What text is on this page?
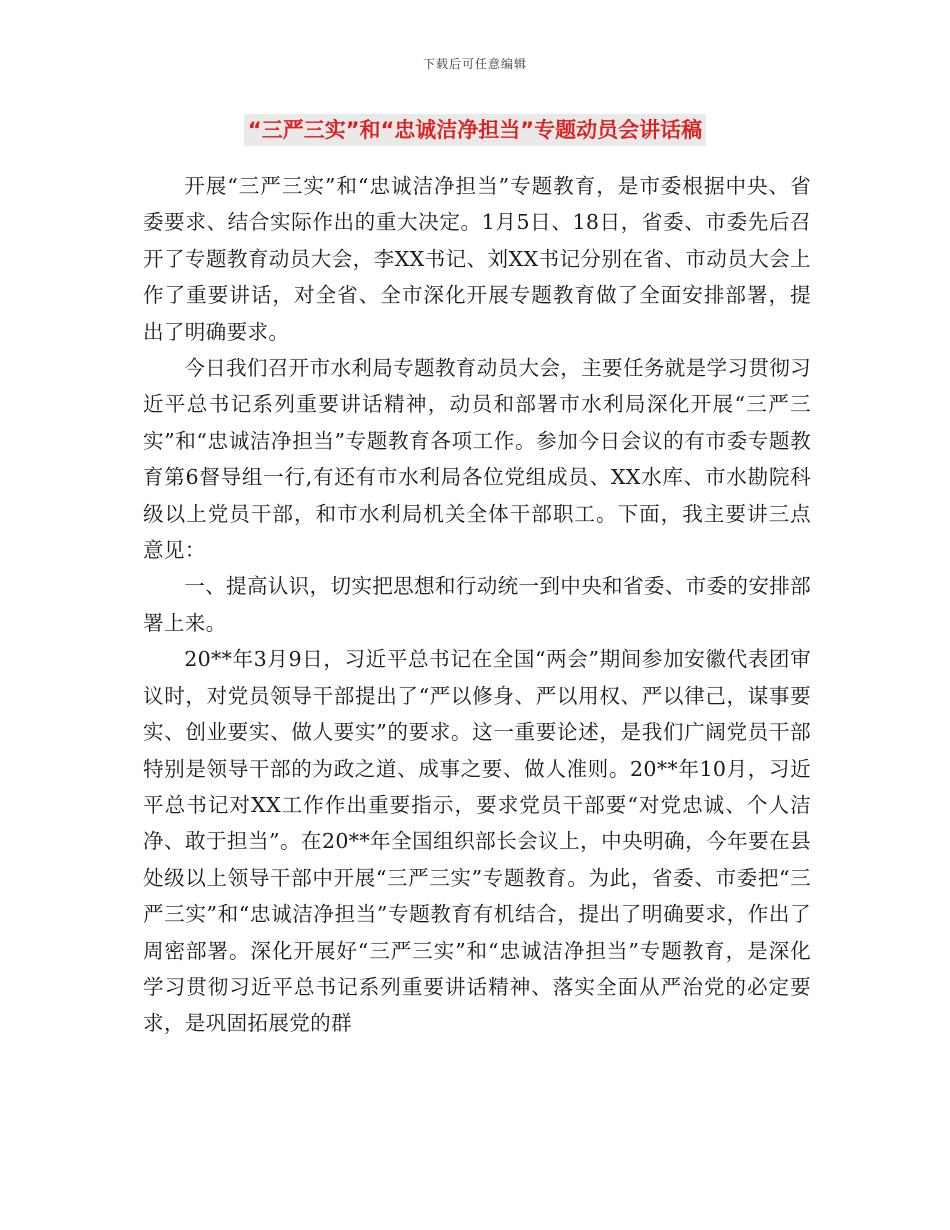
下载后可任意编辑
“三严三实”和“忠诚洁净担当”专题动员会讲话稿

开展“三严三实”和“忠诚洁净担当”专题教育，是市委根据中央、省委要求、结合实际作出的重大决定。1月5日、18日，省委、市委先后召开了专题教育动员大会，李XX书记、刘XX书记分别在省、市动员大会上作了重要讲话，对全省、全市深化开展专题教育做了全面安排部署，提出了明确要求。

今日我们召开市水利局专题教育动员大会，主要任务就是学习贯彻习近平总书记系列重要讲话精神，动员和部署市水利局深化开展“三严三实”和“忠诚洁净担当”专题教育各项工作。参加今日会议的有市委专题教育第6督导组一行,有还有市水利局各位党组成员、XX水库、市水勘院科级以上党员干部，和市水利局机关全体干部职工。下面，我主要讲三点意见：

一、提高认识，切实把思想和行动统一到中央和省委、市委的安排部署上来。

20**年3月9日，习近平总书记在全国“两会”期间参加安徽代表团审议时，对党员领导干部提出了“严以修身、严以用权、严以律己，谋事要实、创业要实、做人要实”的要求。这一重要论述，是我们广阔党员干部特别是领导干部的为政之道、成事之要、做人准则。20**年10月，习近平总书记对XX工作作出重要指示，要求党员干部要“对党忠诚、个人洁净、敢于担当”。在20**年全国组织部长会议上，中央明确，今年要在县处级以上领导干部中开展“三严三实”专题教育。为此，省委、市委把“三严三实”和“忠诚洁净担当”专题教育有机结合，提出了明确要求，作出了周密部署。深化开展好“三严三实”和“忠诚洁净担当”专题教育，是深化学习贯彻习近平总书记系列重要讲话精神、落实全面从严治党的必定要求，是巩固拓展党的群
